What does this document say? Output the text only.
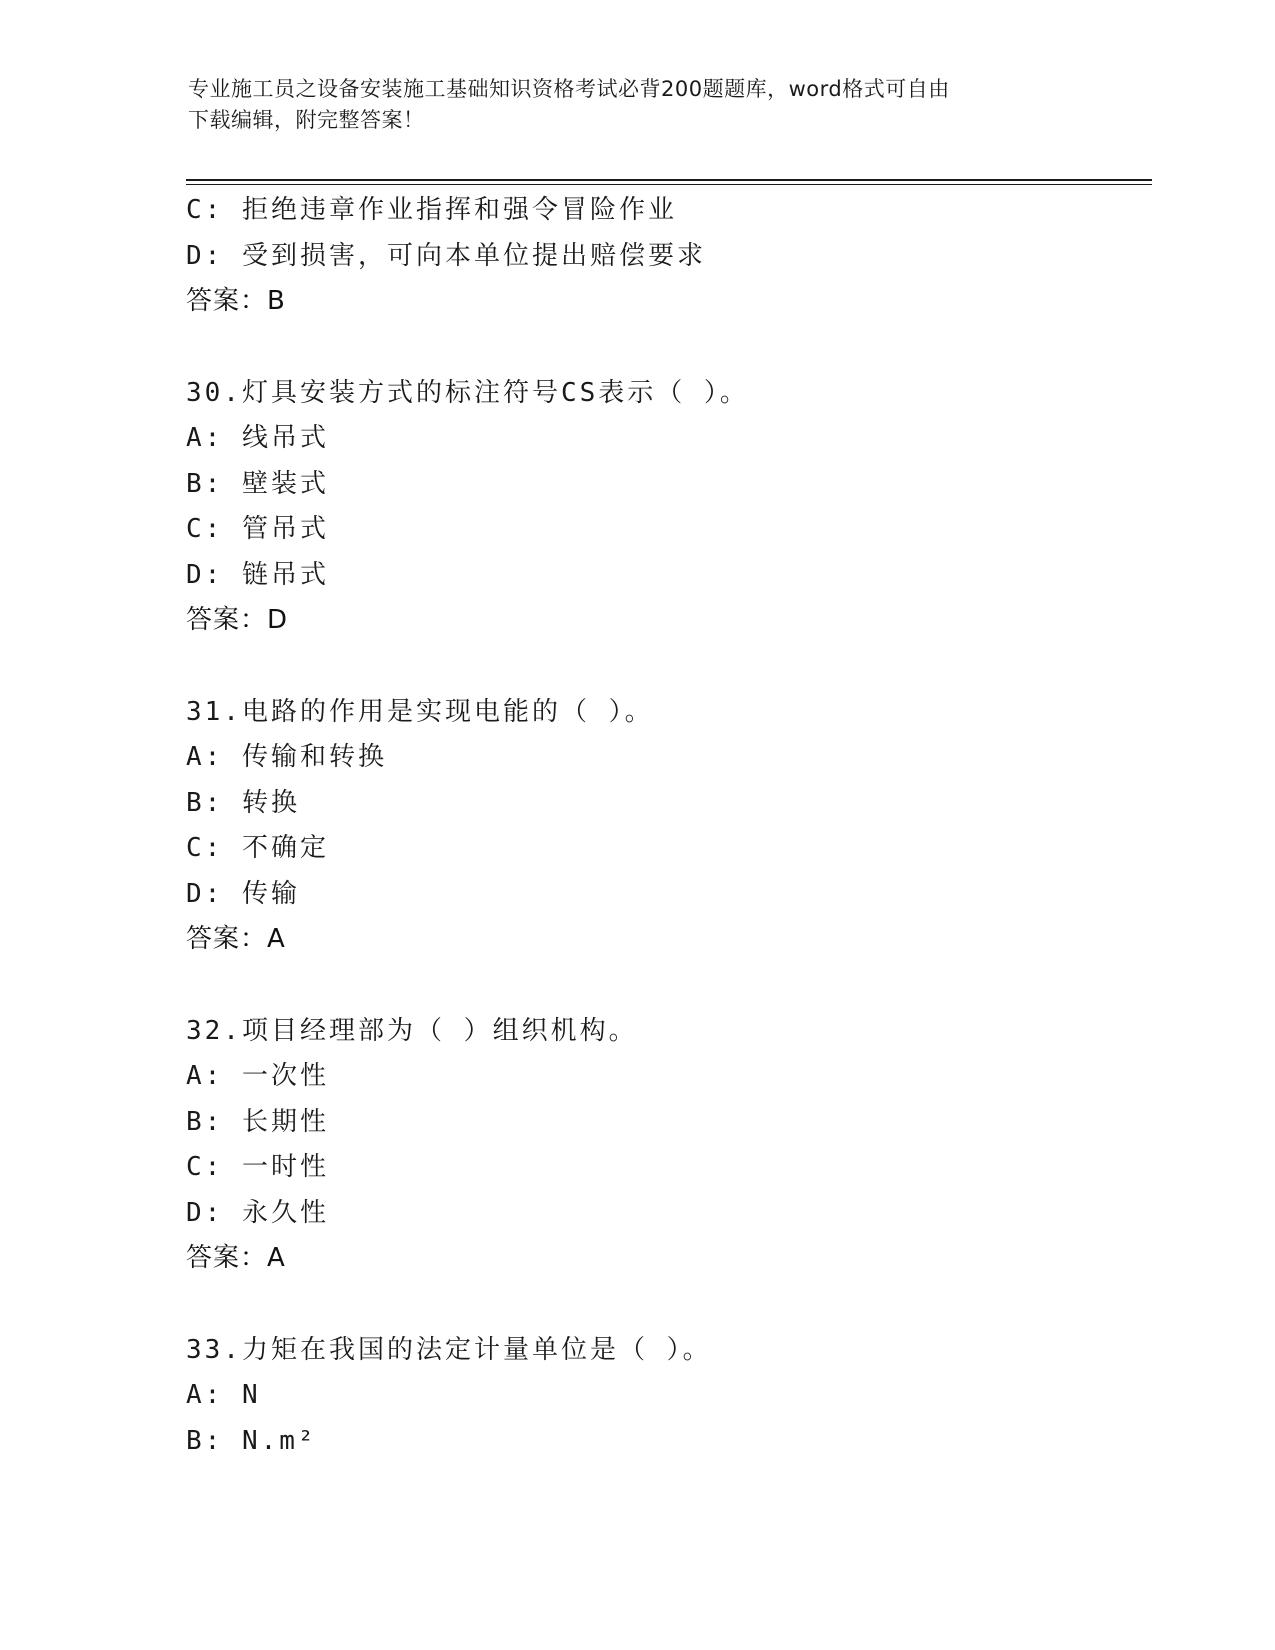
专业施工员之设备安装施工基础知识资格考试必背200题题库，word格式可自由
下载编辑，附完整答案！
C: 拒绝违章作业指挥和强令冒险作业
D: 受到损害，可向本单位提出赔偿要求
答案：B
30.灯具安装方式的标注符号CS表示（ ）。
A: 线吊式
B: 壁装式
C: 管吊式
D: 链吊式
答案：D
31.电路的作用是实现电能的（ ）。
A: 传输和转换
B: 转换
C: 不确定
D: 传输
答案：A
32.项目经理部为（ ）组织机构。
A: 一次性
B: 长期性
C: 一时性
D: 永久性
答案：A
33.力矩在我国的法定计量单位是（ ）。
A: N
B: N.m²
